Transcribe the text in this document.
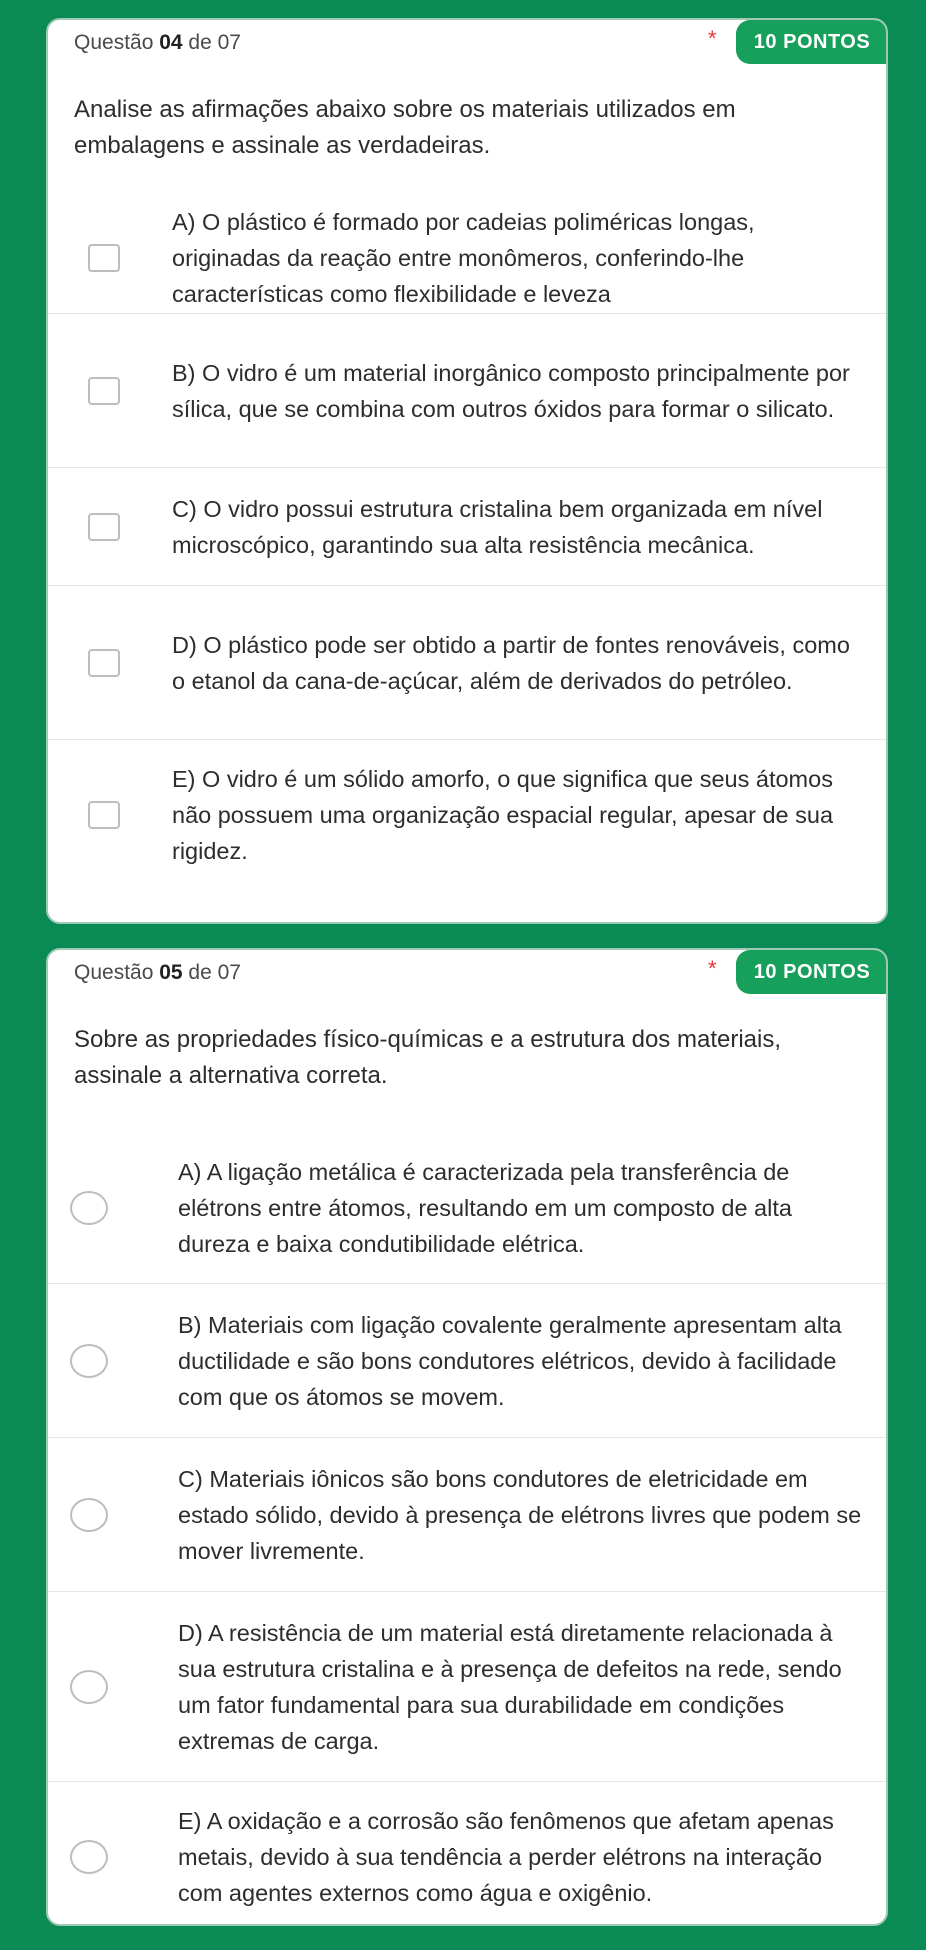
Questão 04 de 07	*	10 PONTOS
Analise as afirmações abaixo sobre os materiais utilizados em embalagens e assinale as verdadeiras.
A) O plástico é formado por cadeias poliméricas longas, originadas da reação entre monômeros, conferindo-lhe características como flexibilidade e leveza
B) O vidro é um material inorgânico composto principalmente por sílica, que se combina com outros óxidos para formar o silicato.
C) O vidro possui estrutura cristalina bem organizada em nível microscópico, garantindo sua alta resistência mecânica.
D) O plástico pode ser obtido a partir de fontes renováveis, como o etanol da cana-de-açúcar, além de derivados do petróleo.
E) O vidro é um sólido amorfo, o que significa que seus átomos não possuem uma organização espacial regular, apesar de sua rigidez.
Questão 05 de 07	*	10 PONTOS
Sobre as propriedades físico-químicas e a estrutura dos materiais, assinale a alternativa correta.
A) A ligação metálica é caracterizada pela transferência de elétrons entre átomos, resultando em um composto de alta dureza e baixa condutibilidade elétrica.
B) Materiais com ligação covalente geralmente apresentam alta ductilidade e são bons condutores elétricos, devido à facilidade com que os átomos se movem.
C) Materiais iônicos são bons condutores de eletricidade em estado sólido, devido à presença de elétrons livres que podem se mover livremente.
D) A resistência de um material está diretamente relacionada à sua estrutura cristalina e à presença de defeitos na rede, sendo um fator fundamental para sua durabilidade em condições extremas de carga.
E) A oxidação e a corrosão são fenômenos que afetam apenas metais, devido à sua tendência a perder elétrons na interação com agentes externos como água e oxigênio.
